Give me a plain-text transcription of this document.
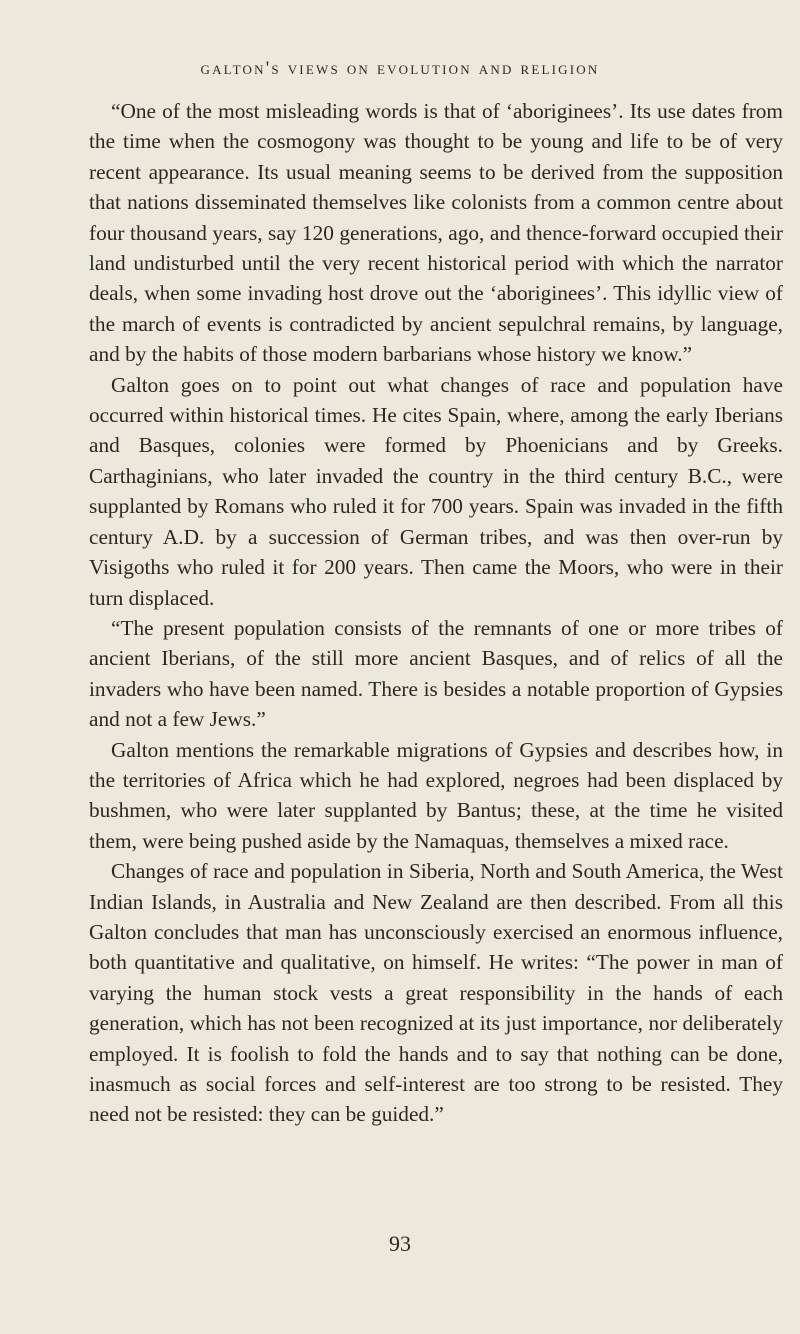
galton's views on evolution and religion

“One of the most misleading words is that of ‘aboriginees’. Its use dates from the time when the cosmogony was thought to be young and life to be of very recent appearance. Its usual meaning seems to be derived from the supposition that nations disseminated themselves like colonists from a common centre about four thousand years, say 120 generations, ago, and thence-forward occupied their land undisturbed until the very recent historical period with which the narrator deals, when some invading host drove out the ‘aboriginees’. This idyllic view of the march of events is contradicted by ancient sepulchral remains, by language, and by the habits of those modern barbarians whose history we know.”

Galton goes on to point out what changes of race and population have occurred within historical times. He cites Spain, where, among the early Iberians and Basques, colonies were formed by Phoenicians and by Greeks. Carthaginians, who later invaded the country in the third century B.C., were supplanted by Romans who ruled it for 700 years. Spain was invaded in the fifth century A.D. by a succession of German tribes, and was then over-run by Visigoths who ruled it for 200 years. Then came the Moors, who were in their turn displaced.

“The present population consists of the remnants of one or more tribes of ancient Iberians, of the still more ancient Basques, and of relics of all the invaders who have been named. There is besides a notable proportion of Gypsies and not a few Jews.”

Galton mentions the remarkable migrations of Gypsies and describes how, in the territories of Africa which he had explored, negroes had been displaced by bushmen, who were later supplanted by Bantus; these, at the time he visited them, were being pushed aside by the Namaquas, themselves a mixed race.

Changes of race and population in Siberia, North and South America, the West Indian Islands, in Australia and New Zealand are then described. From all this Galton concludes that man has unconsciously exercised an enormous influence, both quantitative and qualitative, on himself. He writes: “The power in man of varying the human stock vests a great responsibility in the hands of each generation, which has not been recognized at its just importance, nor deliberately employed. It is foolish to fold the hands and to say that nothing can be done, inasmuch as social forces and self-interest are too strong to be resisted. They need not be resisted: they can be guided.”

93
